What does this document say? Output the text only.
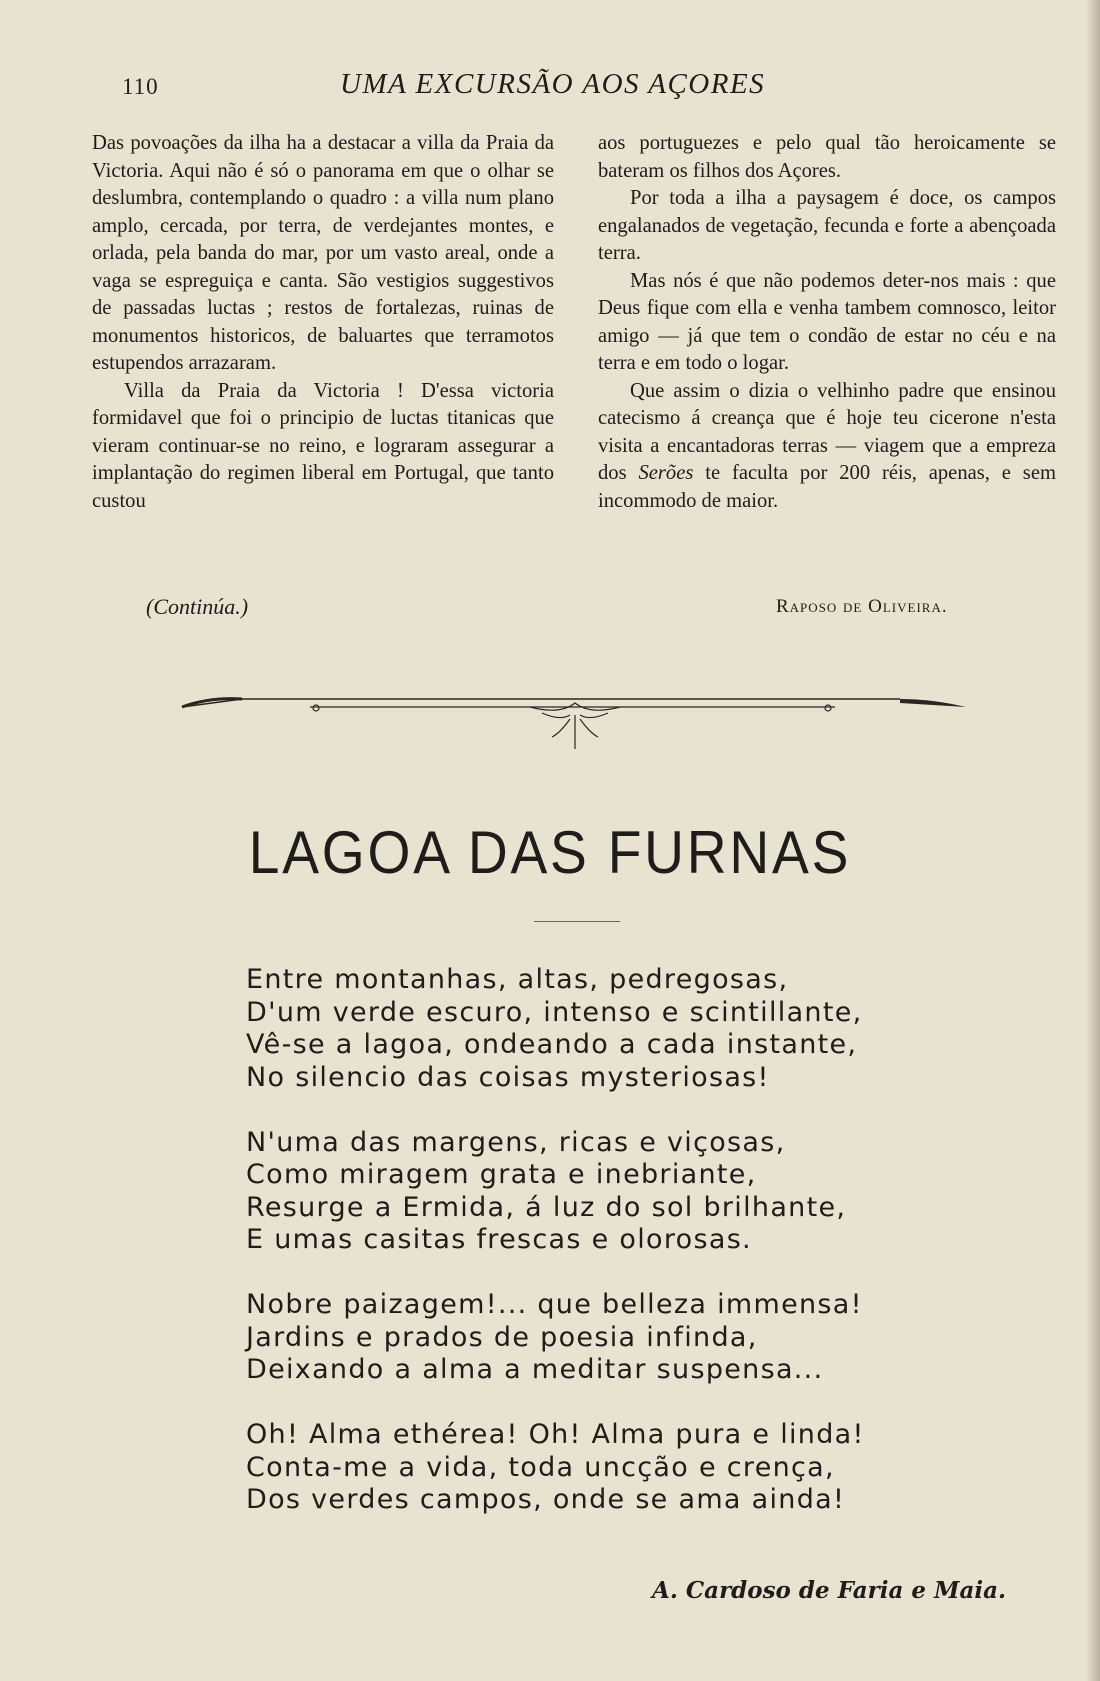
110	UMA EXCURSÃO AOS AÇORES

Das povoações da ilha ha a destacar a villa da Praia da Victoria. Aqui não é só o panorama em que o olhar se deslumbra, contemplando o quadro : a villa num plano amplo, cercada, por terra, de verdejantes montes, e orlada, pela banda do mar, por um vasto areal, onde a vaga se espreguiça e canta. São vestigios suggestivos de passadas luctas ; restos de fortalezas, ruinas de monumentos historicos, de baluartes que terramotos estupendos arrazaram.

Villa da Praia da Victoria ! D'essa victoria formidavel que foi o principio de luctas titanicas que vieram continuar-se no reino, e lograram assegurar a implantação do regimen liberal em Portugal, que tanto custou

aos portuguezes e pelo qual tão heroicamente se bateram os filhos dos Açores.

Por toda a ilha a paysagem é doce, os campos engalanados de vegetação, fecunda e forte a abençoada terra.

Mas nós é que não podemos deter-nos mais : que Deus fique com ella e venha tambem comnosco, leitor amigo — já que tem o condão de estar no céu e na terra e em todo o logar.

Que assim o dizia o velhinho padre que ensinou catecismo á creança que é hoje teu cicerone n'esta visita a encantadoras terras — viagem que a empreza dos Serões te faculta por 200 réis, apenas, e sem incommodo de maior.

(Continúa.)	Raposo de Oliveira.
LAGOA DAS FURNAS
Entre montanhas, altas, pedregosas,
D'um verde escuro, intenso e scintillante,
Vê-se a lagoa, ondeando a cada instante,
No silencio das coisas mysteriosas!
N'uma das margens, ricas e viçosas,
Como miragem grata e inebriante,
Resurge a Ermida, á luz do sol brilhante,
E umas casitas frescas e olorosas.
Nobre paizagem!... que belleza immensa!
Jardins e prados de poesia infinda,
Deixando a alma a meditar suspensa...
Oh! Alma ethérea! Oh! Alma pura e linda!
Conta-me a vida, toda uncção e crença,
Dos verdes campos, onde se ama ainda!
A. Cardoso de Faria e Maia.
